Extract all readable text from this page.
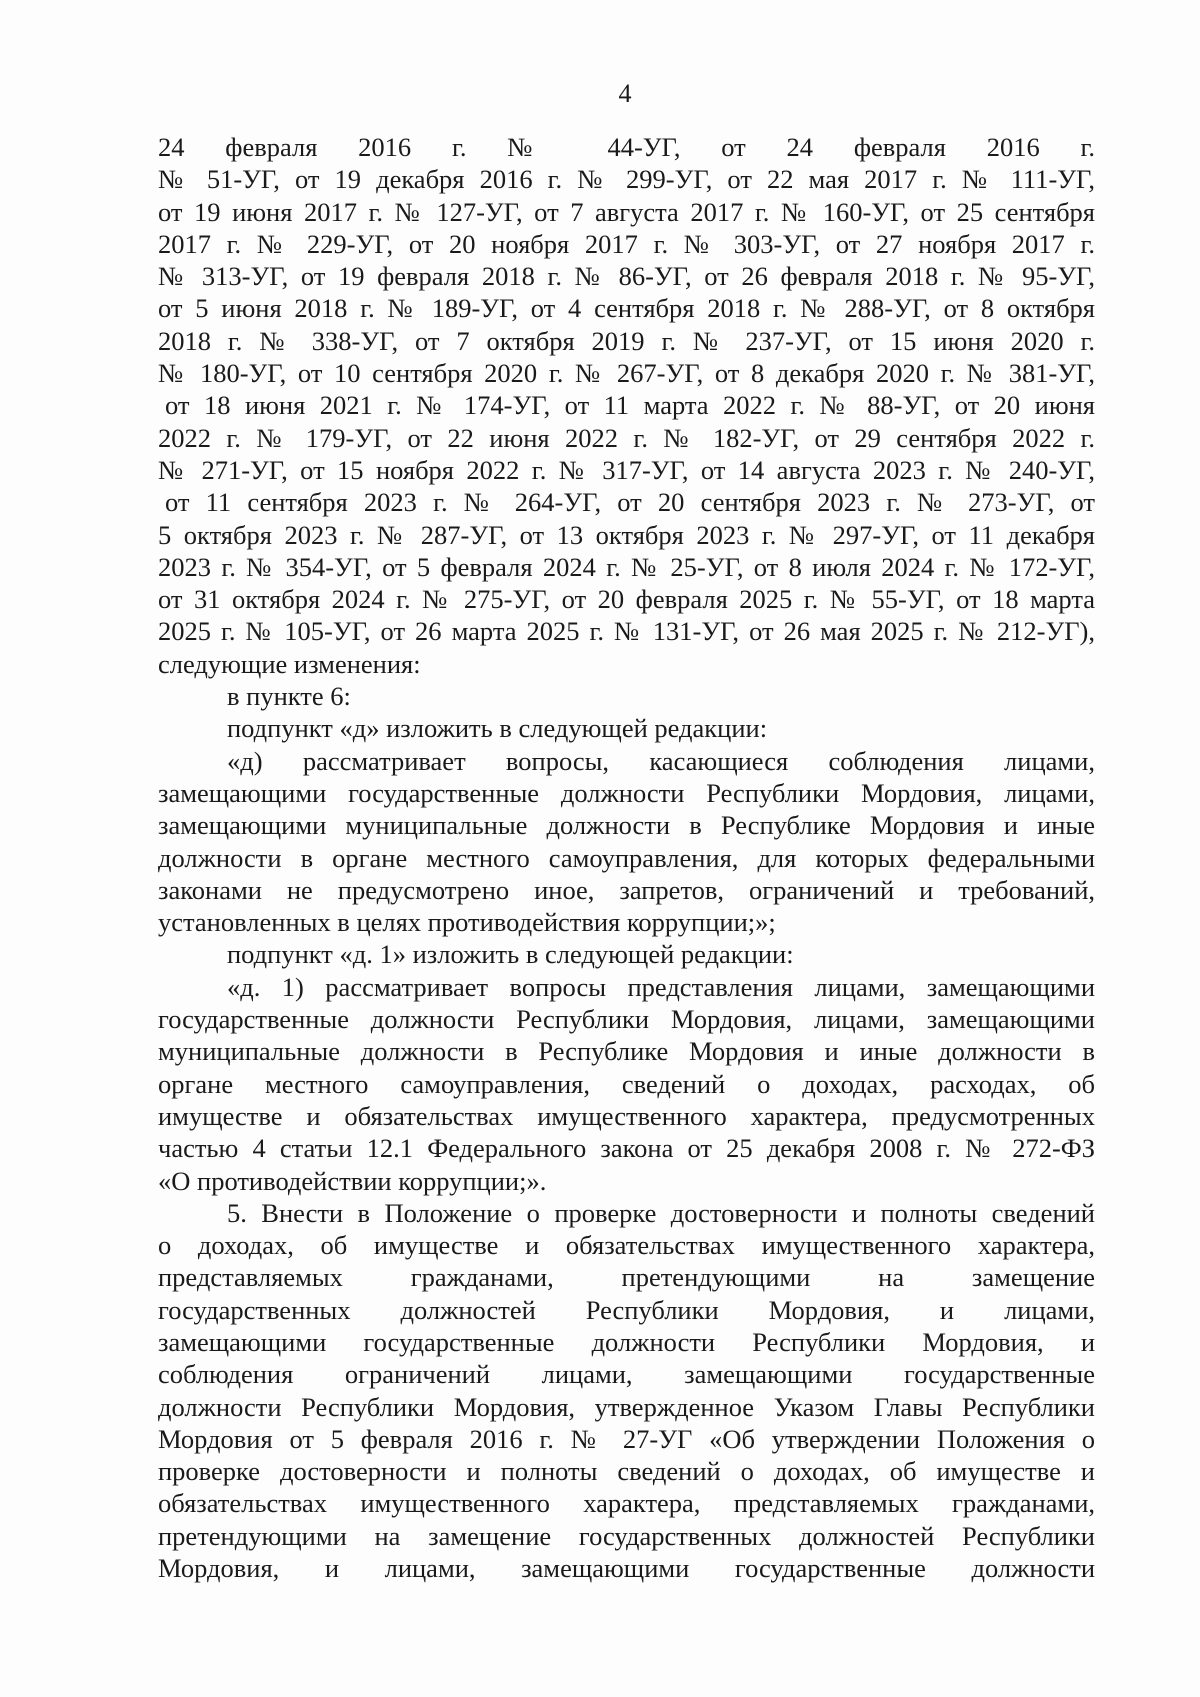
4
24 февраля 2016 г. № 44-УГ, от 24 февраля 2016 г.
№ 51-УГ, от 19 декабря 2016 г. № 299-УГ, от 22 мая 2017 г. № 111-УГ,
от 19 июня 2017 г. № 127-УГ, от 7 августа 2017 г. № 160-УГ, от 25 сентября
2017 г. № 229-УГ, от 20 ноября 2017 г. № 303-УГ, от 27 ноября 2017 г.
№ 313-УГ, от 19 февраля 2018 г. № 86-УГ, от 26 февраля 2018 г. № 95-УГ,
от 5 июня 2018 г. № 189-УГ, от 4 сентября 2018 г. № 288-УГ, от 8 октября
2018 г. № 338-УГ, от 7 октября 2019 г. № 237-УГ, от 15 июня 2020 г.
№ 180-УГ, от 10 сентября 2020 г. № 267-УГ, от 8 декабря 2020 г. № 381-УГ,
от 18 июня 2021 г. № 174-УГ, от 11 марта 2022 г. № 88-УГ, от 20 июня
2022 г. № 179-УГ, от 22 июня 2022 г. № 182-УГ, от 29 сентября 2022 г.
№ 271-УГ, от 15 ноября 2022 г. № 317-УГ, от 14 августа 2023 г. № 240-УГ,
от 11 сентября 2023 г. № 264-УГ, от 20 сентября 2023 г. № 273-УГ, от
5 октября 2023 г. № 287-УГ, от 13 октября 2023 г. № 297-УГ, от 11 декабря
2023 г. № 354-УГ, от 5 февраля 2024 г. № 25-УГ, от 8 июля 2024 г. № 172-УГ,
от 31 октября 2024 г. № 275-УГ, от 20 февраля 2025 г. № 55-УГ, от 18 марта
2025 г. № 105-УГ, от 26 марта 2025 г. № 131-УГ, от 26 мая 2025 г. № 212-УГ),
следующие изменения:
в пункте 6:
подпункт «д» изложить в следующей редакции:
«д) рассматривает вопросы, касающиеся соблюдения лицами,
замещающими государственные должности Республики Мордовия, лицами,
замещающими муниципальные должности в Республике Мордовия и иные
должности в органе местного самоуправления, для которых федеральными
законами не предусмотрено иное, запретов, ограничений и требований,
установленных в целях противодействия коррупции;»;
подпункт «д. 1» изложить в следующей редакции:
«д. 1) рассматривает вопросы представления лицами, замещающими
государственные должности Республики Мордовия, лицами, замещающими
муниципальные должности в Республике Мордовия и иные должности в
органе местного самоуправления, сведений о доходах, расходах, об
имуществе и обязательствах имущественного характера, предусмотренных
частью 4 статьи 12.1 Федерального закона от 25 декабря 2008 г. № 272-ФЗ
«О противодействии коррупции;».
5. Внести в Положение о проверке достоверности и полноты сведений
о доходах, об имуществе и обязательствах имущественного характера,
представляемых гражданами, претендующими на замещение
государственных должностей Республики Мордовия, и лицами,
замещающими государственные должности Республики Мордовия, и
соблюдения ограничений лицами, замещающими государственные
должности Республики Мордовия, утвержденное Указом Главы Республики
Мордовия от 5 февраля 2016 г. № 27-УГ «Об утверждении Положения о
проверке достоверности и полноты сведений о доходах, об имуществе и
обязательствах имущественного характера, представляемых гражданами,
претендующими на замещение государственных должностей Республики
Мордовия, и лицами, замещающими государственные должности
